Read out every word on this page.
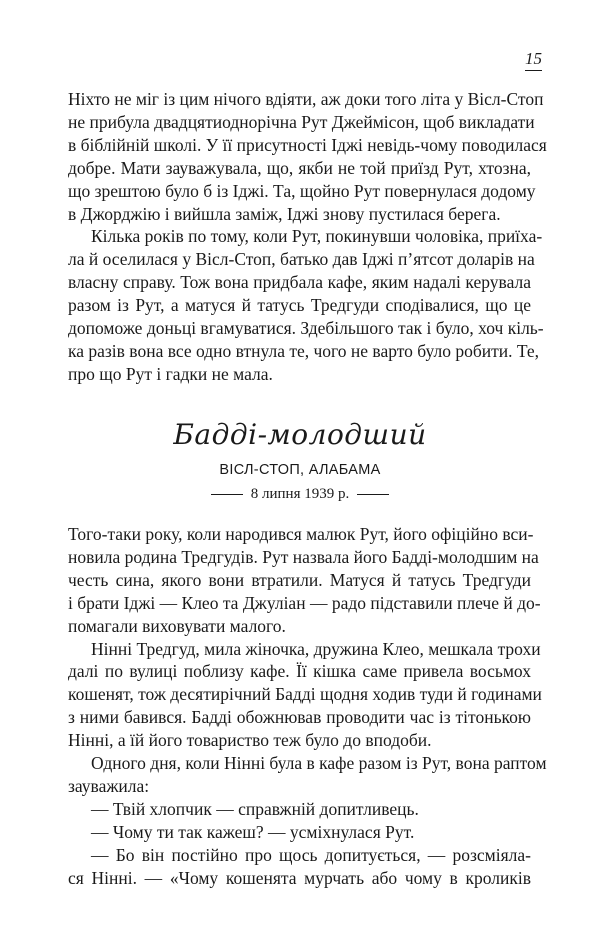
15

Ніхто не міг із цим нічого вдіяти, аж доки того літа у Вісл-Стоп
не прибула двадцятиоднорічна Рут Джеймісон, щоб викладати
в біблійній школі. У її присутності Іджі невідь-чому поводилася
добре. Мати зауважувала, що, якби не той приїзд Рут, хтозна,
що зрештою було б із Іджі. Та, щойно Рут повернулася додому
в Джорджію і вийшла заміж, Іджі знову пустилася берега.

Кілька років по тому, коли Рут, покинувши чоловіка, приїха-
ла й оселилася у Вісл-Стоп, батько дав Іджі п’ятсот доларів на
власну справу. Тож вона придбала кафе, яким надалі керувала
разом із Рут, а матуся й татусь Тредгуди сподівалися, що це
допоможе доньці вгамуватися. Здебільшого так і було, хоч кіль-
ка разів вона все одно втнула те, чого не варто було робити. Те,
про що Рут і гадки не мала.

Бадді-молодший
ВІСЛ-СТОП, АЛАБАМА
8 липня 1939 р.

Того-таки року, коли народився малюк Рут, його офіційно вси-
новила родина Тредгудів. Рут назвала його Бадді-молодшим на
честь сина, якого вони втратили. Матуся й татусь Тредгуди
і брати Іджі — Клео та Джуліан — радо підставили плече й до-
помагали виховувати малого.

Нінні Тредгуд, мила жіночка, дружина Клео, мешкала трохи
далі по вулиці поблизу кафе. Її кішка саме привела восьмох
кошенят, тож десятирічний Бадді щодня ходив туди й годинами
з ними бавився. Бадді обожнював проводити час із тітонькою
Нінні, а їй його товариство теж було до вподоби.

Одного дня, коли Нінні була в кафе разом із Рут, вона раптом
зауважила:

— Твій хлопчик — справжній допитливець.

— Чому ти так кажеш? — усміхнулася Рут.

— Бо він постійно про щось допитується, — розсміяла-
ся Нінні. — «Чому кошенята мурчать або чому в кроликів
